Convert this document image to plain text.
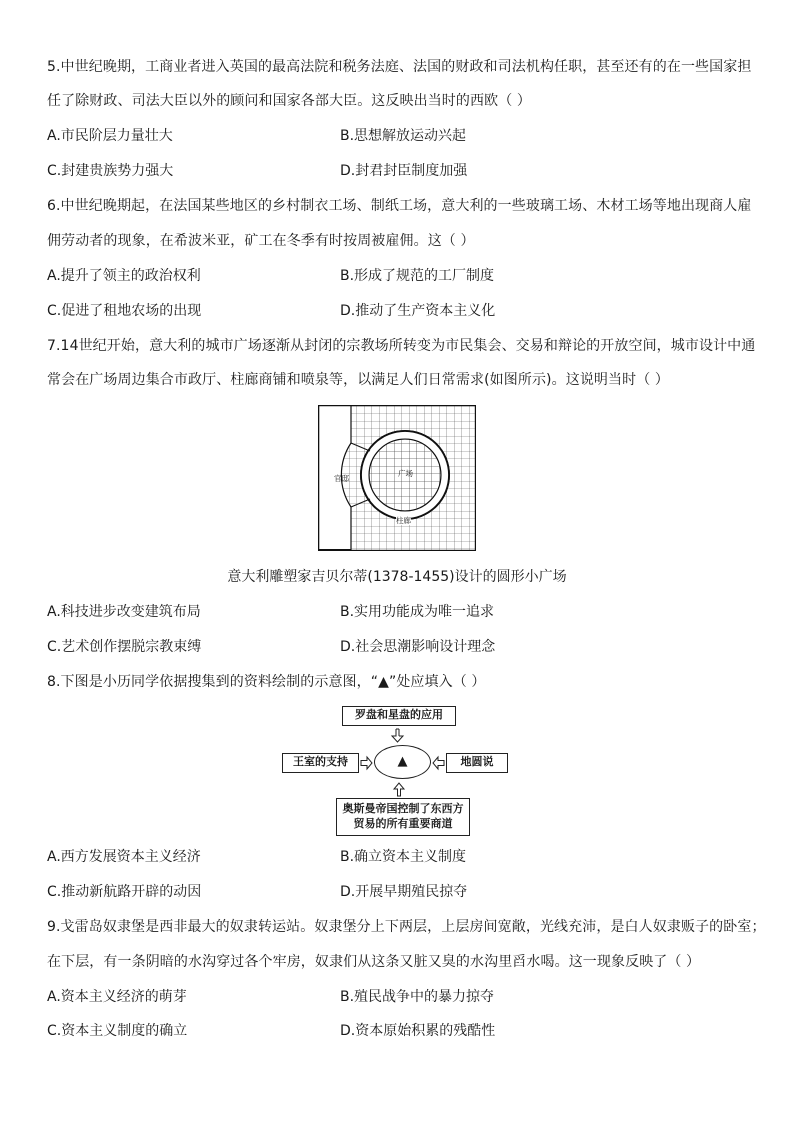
5.中世纪晚期，工商业者进入英国的最高法院和税务法庭、法国的财政和司法机构任职，甚至还有的在一些国家担
任了除财政、司法大臣以外的顾问和国家各部大臣。这反映出当时的西欧（ ）
A.市民阶层力量壮大	B.思想解放运动兴起
C.封建贵族势力强大	D.封君封臣制度加强
6.中世纪晚期起，在法国某些地区的乡村制衣工场、制纸工场，意大利的一些玻璃工场、木材工场等地出现商人雇
佣劳动者的现象，在希波米亚，矿工在冬季有时按周被雇佣。这（ ）
A.提升了领主的政治权利	B.形成了规范的工厂制度
C.促进了租地农场的出现	D.推动了生产资本主义化
7.14世纪开始，意大利的城市广场逐渐从封闭的宗教场所转变为市民集会、交易和辩论的开放空间，城市设计中通
常会在广场周边集合市政厅、柱廊商铺和喷泉等，以满足人们日常需求(如图所示)。这说明当时（ ）
官邸
广场
柱廊
意大利雕塑家吉贝尔蒂(1378-1455)设计的圆形小广场
A.科技进步改变建筑布局	B.实用功能成为唯一追求
C.艺术创作摆脱宗教束缚	D.社会思潮影响设计理念
8.下图是小历同学依据搜集到的资料绘制的示意图，“▲”处应填入（ ）
罗盘和星盘的应用
王室的支持	▲	地圆说
奥斯曼帝国控制了东西方贸易的所有重要商道
A.西方发展资本主义经济	B.确立资本主义制度
C.推动新航路开辟的动因	D.开展早期殖民掠夺
9.戈雷岛奴隶堡是西非最大的奴隶转运站。奴隶堡分上下两层，上层房间宽敞，光线充沛，是白人奴隶贩子的卧室；
在下层，有一条阴暗的水沟穿过各个牢房，奴隶们从这条又脏又臭的水沟里舀水喝。这一现象反映了（ ）
A.资本主义经济的萌芽	B.殖民战争中的暴力掠夺
C.资本主义制度的确立	D.资本原始积累的残酷性
